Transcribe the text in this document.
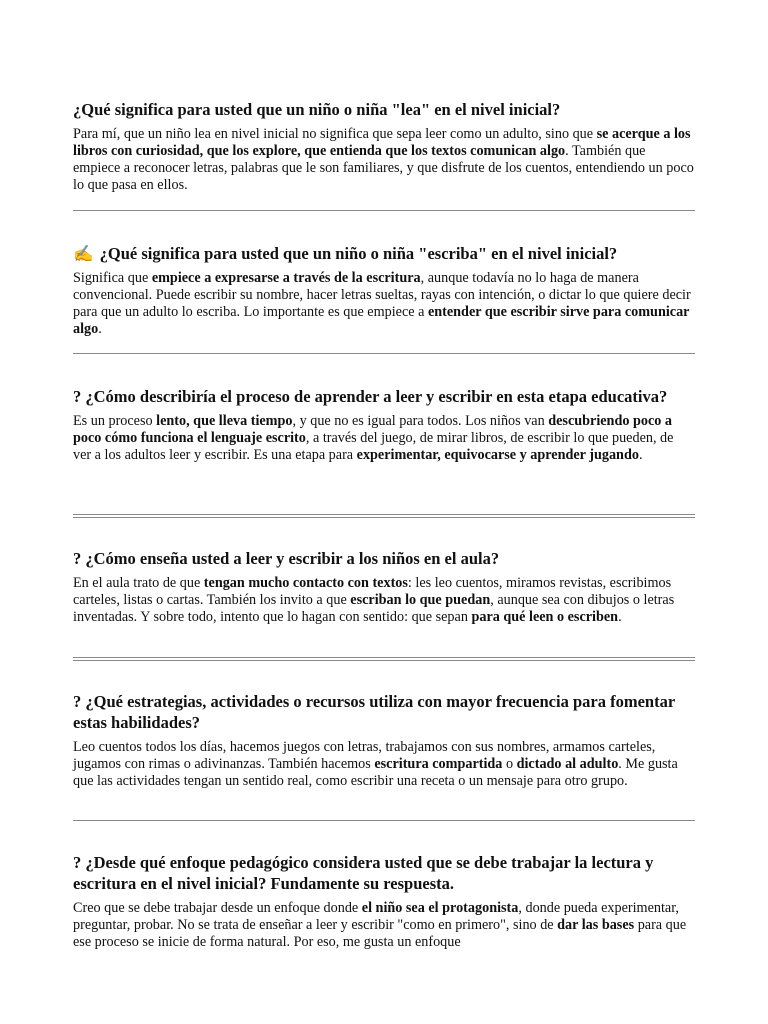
¿Qué significa para usted que un niño o niña "lea" en el nivel inicial?

Para mí, que un niño lea en nivel inicial no significa que sepa leer como un adulto, sino que se acerque a los libros con curiosidad, que los explore, que entienda que los textos comunican algo. También que empiece a reconocer letras, palabras que le son familiares, y que disfrute de los cuentos, entendiendo un poco lo que pasa en ellos.

✍ ¿Qué significa para usted que un niño o niña "escriba" en el nivel inicial?

Significa que empiece a expresarse a través de la escritura, aunque todavía no lo haga de manera convencional. Puede escribir su nombre, hacer letras sueltas, rayas con intención, o dictar lo que quiere decir para que un adulto lo escriba. Lo importante es que empiece a entender que escribir sirve para comunicar algo.

? ¿Cómo describiría el proceso de aprender a leer y escribir en esta etapa educativa?

Es un proceso lento, que lleva tiempo, y que no es igual para todos. Los niños van descubriendo poco a poco cómo funciona el lenguaje escrito, a través del juego, de mirar libros, de escribir lo que pueden, de ver a los adultos leer y escribir. Es una etapa para experimentar, equivocarse y aprender jugando.

? ¿Cómo enseña usted a leer y escribir a los niños en el aula?

En el aula trato de que tengan mucho contacto con textos: les leo cuentos, miramos revistas, escribimos carteles, listas o cartas. También los invito a que escriban lo que puedan, aunque sea con dibujos o letras inventadas. Y sobre todo, intento que lo hagan con sentido: que sepan para qué leen o escriben.

? ¿Qué estrategias, actividades o recursos utiliza con mayor frecuencia para fomentar estas habilidades?

Leo cuentos todos los días, hacemos juegos con letras, trabajamos con sus nombres, armamos carteles, jugamos con rimas o adivinanzas. También hacemos escritura compartida o dictado al adulto. Me gusta que las actividades tengan un sentido real, como escribir una receta o un mensaje para otro grupo.

? ¿Desde qué enfoque pedagógico considera usted que se debe trabajar la lectura y escritura en el nivel inicial? Fundamente su respuesta.

Creo que se debe trabajar desde un enfoque donde el niño sea el protagonista, donde pueda experimentar, preguntar, probar. No se trata de enseñar a leer y escribir "como en primero", sino de dar las bases para que ese proceso se inicie de forma natural. Por eso, me gusta un enfoque
